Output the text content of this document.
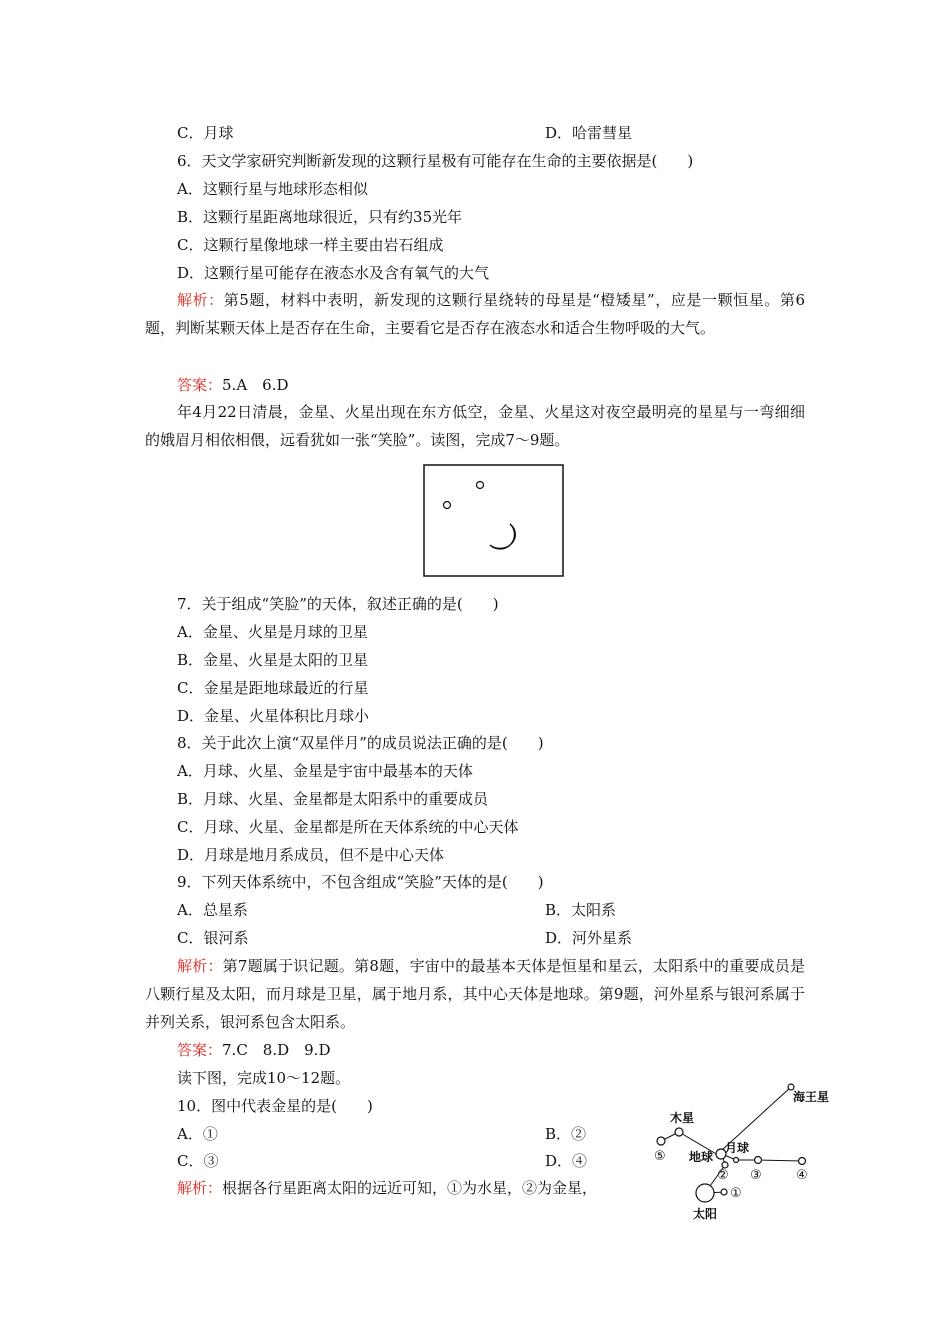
C．月球	D．哈雷彗星
6．天文学家研究判断新发现的这颗行星极有可能存在生命的主要依据是(　　)
A．这颗行星与地球形态相似
B．这颗行星距离地球很近，只有约35光年
C．这颗行星像地球一样主要由岩石组成
D．这颗行星可能存在液态水及含有氧气的大气
解析：第5题，材料中表明，新发现的这颗行星绕转的母星是“橙矮星”，应是一颗恒星。第6题，判断某颗天体上是否存在生命，主要看它是否存在液态水和适合生物呼吸的大气。
答案：5.A　6.D
年4月22日清晨，金星、火星出现在东方低空，金星、火星这对夜空最明亮的星星与一弯细细的娥眉月相依相偎，远看犹如一张“笑脸”。读图，完成7～9题。
7．关于组成“笑脸”的天体，叙述正确的是(　　)
A．金星、火星是月球的卫星
B．金星、火星是太阳的卫星
C．金星是距地球最近的行星
D．金星、火星体积比月球小
8．关于此次上演“双星伴月”的成员说法正确的是(　　)
A．月球、火星、金星是宇宙中最基本的天体
B．月球、火星、金星都是太阳系中的重要成员
C．月球、火星、金星都是所在天体系统的中心天体
D．月球是地月系成员，但不是中心天体
9．下列天体系统中，不包含组成“笑脸”天体的是(　　)
A．总星系	B．太阳系
C．银河系	D．河外星系
解析：第7题属于识记题。第8题，宇宙中的最基本天体是恒星和星云，太阳系中的重要成员是八颗行星及太阳，而月球是卫星，属于地月系，其中心天体是地球。第9题，河外星系与银河系属于并列关系，银河系包含太阳系。
答案：7.C　8.D　9.D
读下图，完成10～12题。
10．图中代表金星的是(　　)
A．①	B．②
C．③	D．④
解析：根据各行星距离太阳的远近可知，①为水星，②为金星，
海王星
木星
月球
地球
太阳
⑤
② ③	④
①
